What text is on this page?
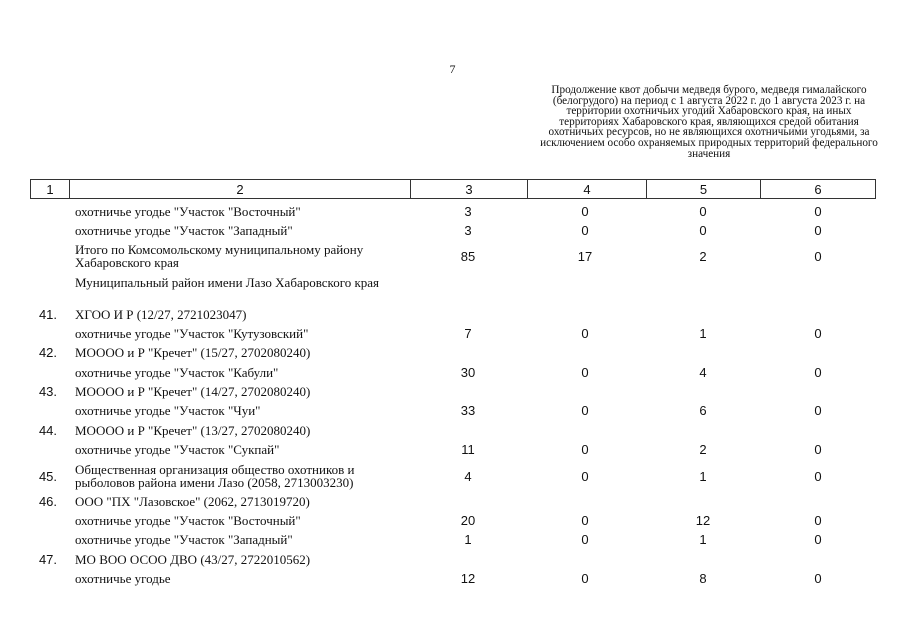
7
Продолжение квот добычи медведя бурого, медведя гималайского (белогрудого) на период с 1 августа 2022 г. до 1 августа 2023 г. на территории охотничьих угодий Хабаровского края, на иных территориях Хабаровского края, являющихся средой обитания охотничьих ресурсов, но не являющихся охотничьими угодьями, за исключением особо охраняемых природных территорий федерального значения
1	2	3	4	5	6
охотничье угодье "Участок "Восточный"	3	0	0	0
охотничье угодье "Участок "Западный"	3	0	0	0
Итого по Комсомольскому муниципальному району Хабаровского края	85	17	2	0
Муниципальный район имени Лазо Хабаровского края
41.	ХГОО И Р (12/27, 2721023047)
охотничье угодье "Участок "Кутузовский"	7	0	1	0
42.	МОООО и Р "Кречет" (15/27, 2702080240)
охотничье угодье "Участок "Кабули"	30	0	4	0
43.	МОООО и Р "Кречет" (14/27, 2702080240)
охотничье угодье "Участок "Чуи"	33	0	6	0
44.	МОООО и Р "Кречет" (13/27, 2702080240)
охотничье угодье "Участок "Сукпай"	11	0	2	0
45.	Общественная организация общество охотников и рыболовов района имени Лазо (2058, 2713003230)	4	0	1	0
46.	ООО "ПХ "Лазовское" (2062, 2713019720)
охотничье угодье "Участок "Восточный"	20	0	12	0
охотничье угодье "Участок "Западный"	1	0	1	0
47.	МО ВОО ОСОО ДВО (43/27, 2722010562)
охотничье угодье	12	0	8	0
